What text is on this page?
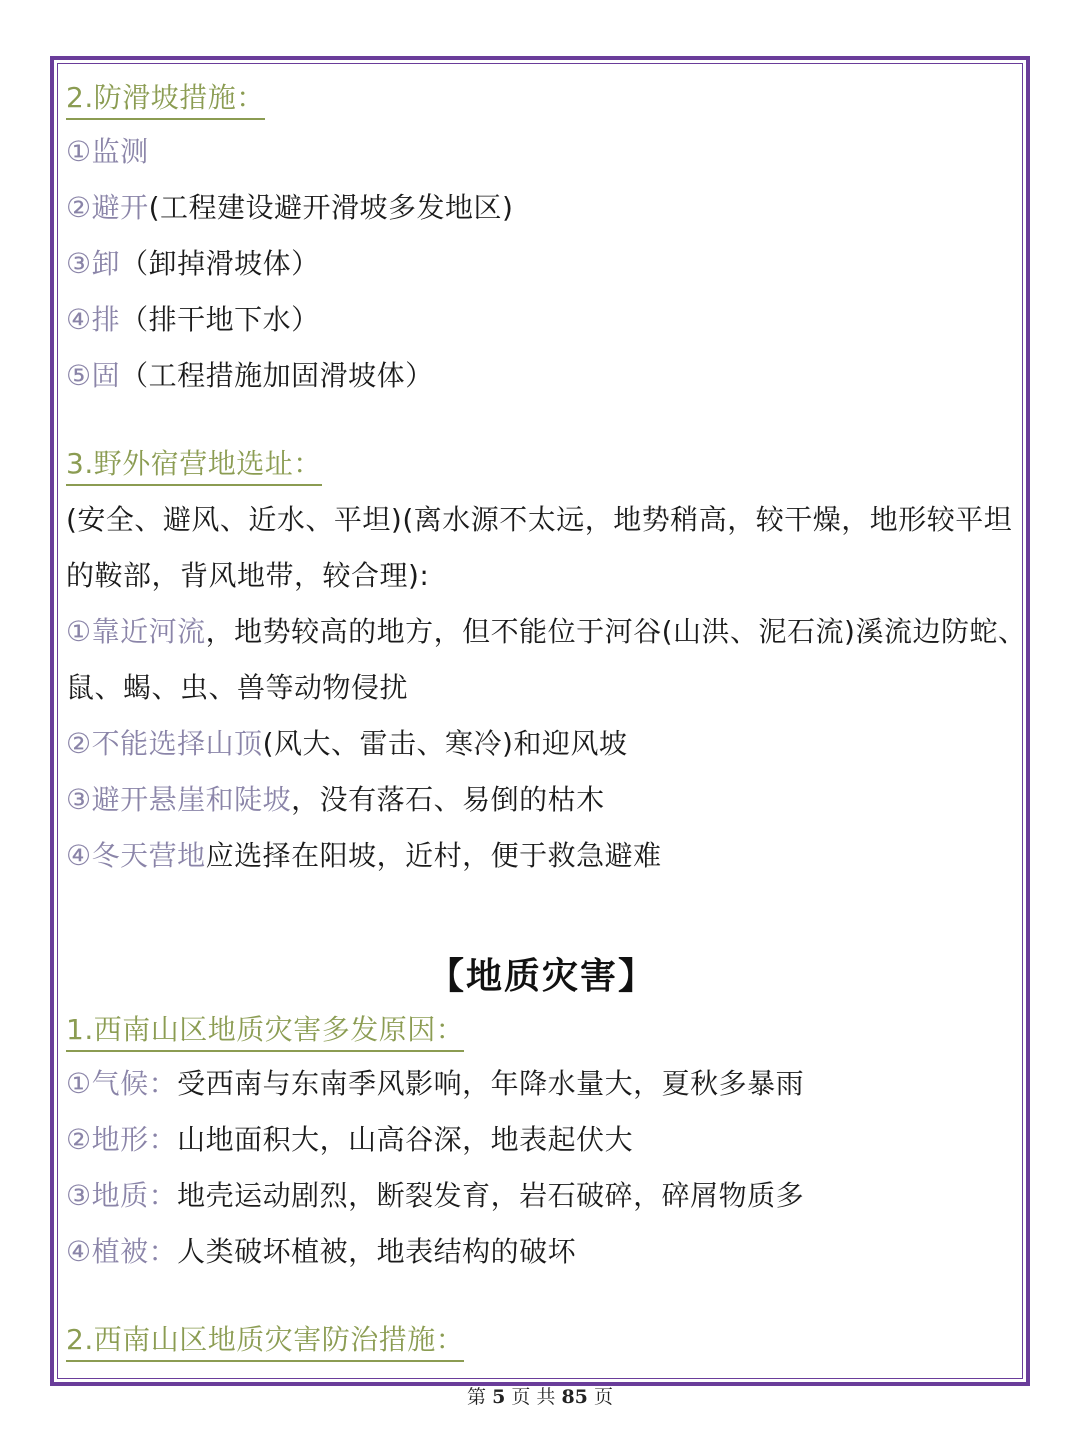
2.防滑坡措施：
①监测
②避开(工程建设避开滑坡多发地区)
③卸（卸掉滑坡体）
④排（排干地下水）
⑤固（工程措施加固滑坡体）
3.野外宿营地选址：
(安全、避风、近水、平坦)(离水源不太远，地势稍高，较干燥，地形较平坦
的鞍部，背风地带，较合理):
①靠近河流，地势较高的地方，但不能位于河谷(山洪、泥石流)溪流边防蛇、
鼠、蝎、虫、兽等动物侵扰
②不能选择山顶(风大、雷击、寒冷)和迎风坡
③避开悬崖和陡坡，没有落石、易倒的枯木
④冬天营地应选择在阳坡，近村，便于救急避难
【地质灾害】
1.西南山区地质灾害多发原因：
①气候：受西南与东南季风影响，年降水量大，夏秋多暴雨
②地形：山地面积大，山高谷深，地表起伏大
③地质：地壳运动剧烈，断裂发育，岩石破碎，碎屑物质多
④植被：人类破坏植被，地表结构的破坏
2.西南山区地质灾害防治措施：
第 5 页 共 85 页
